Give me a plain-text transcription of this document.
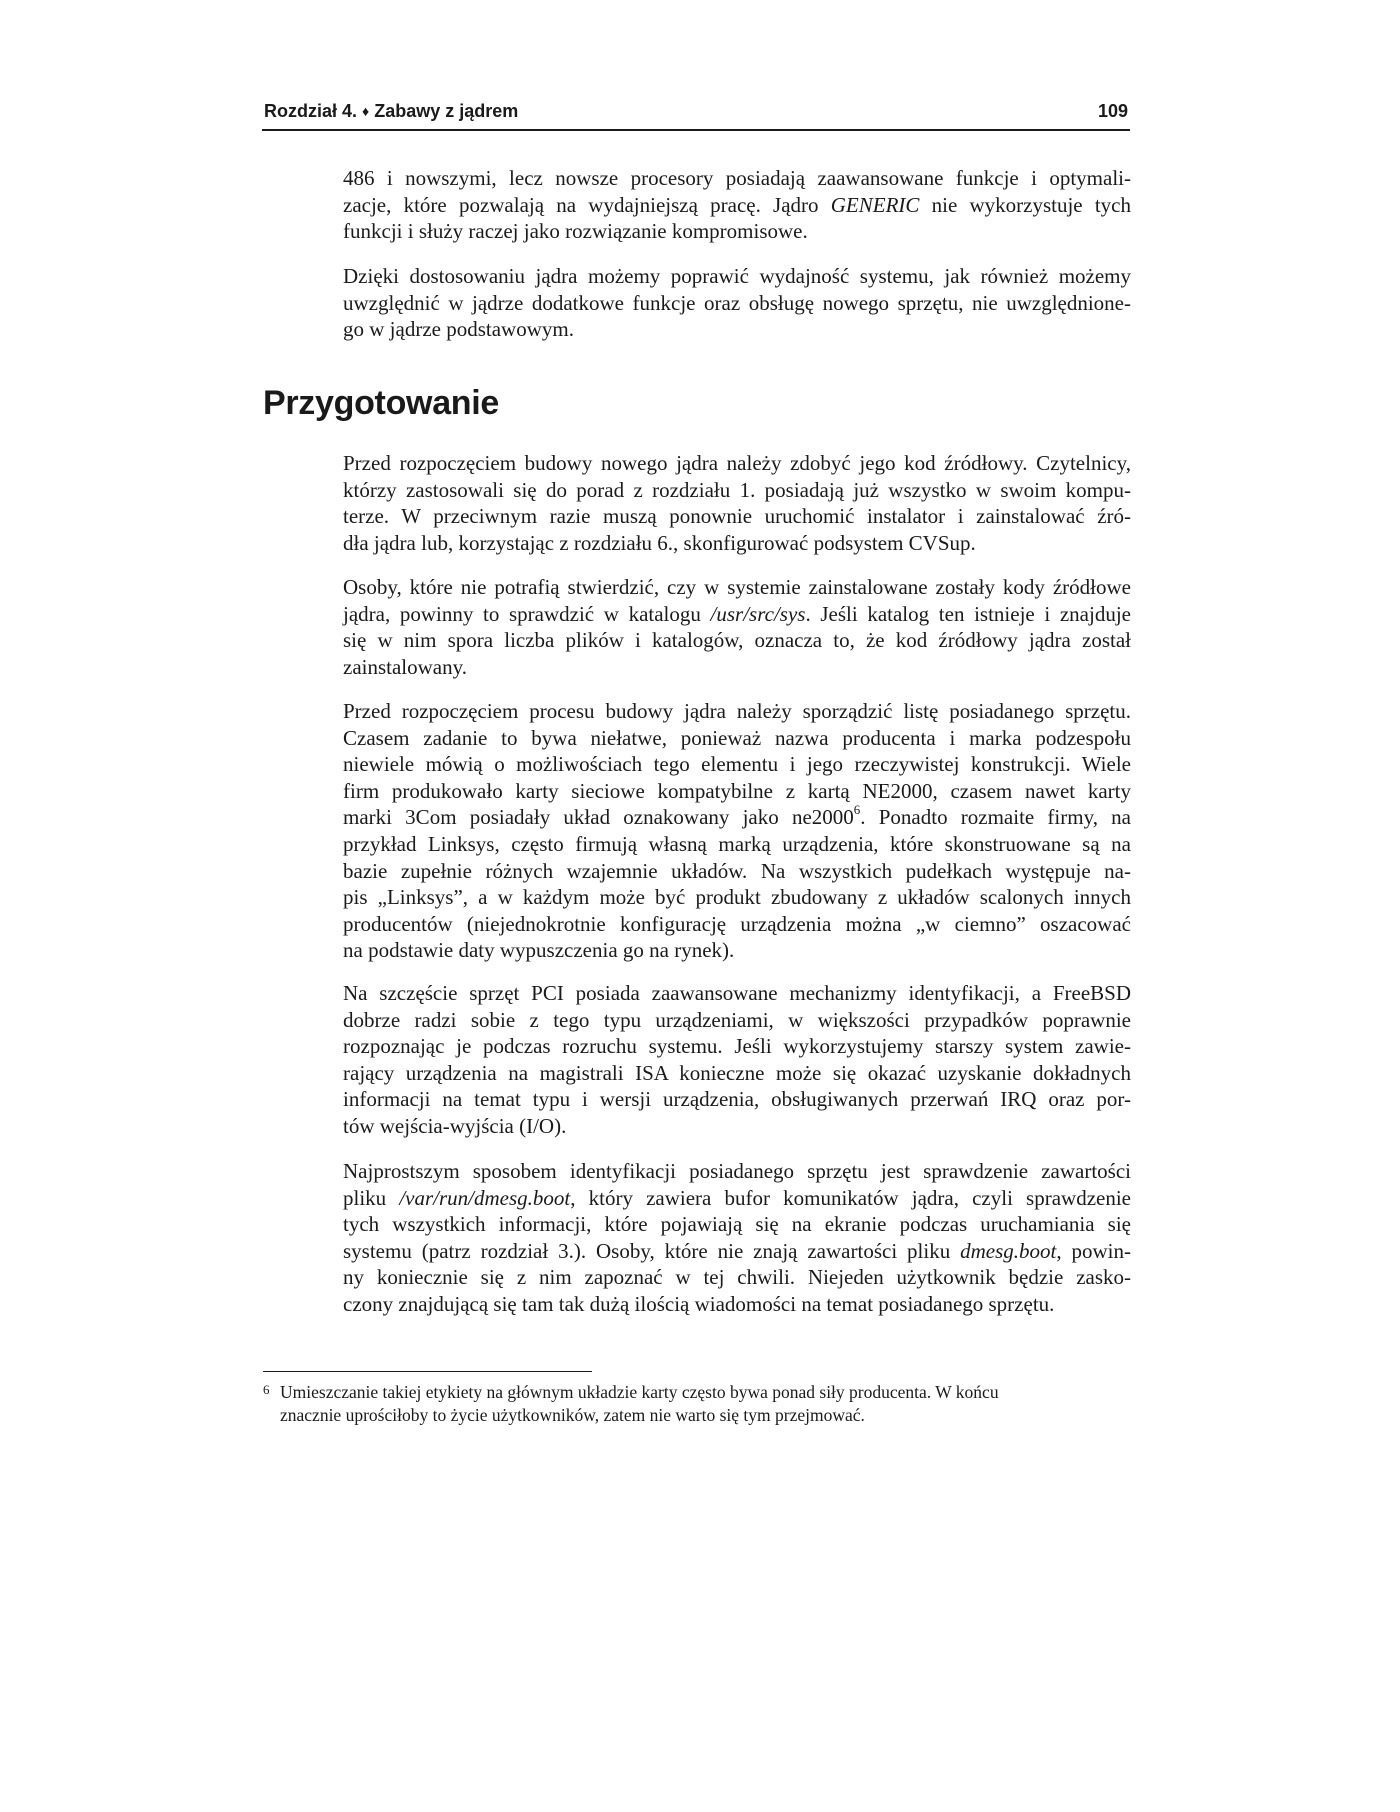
Rozdział 4. ♦ Zabawy z jądrem	109

486 i nowszymi, lecz nowsze procesory posiadają zaawansowane funkcje i optymali-
zacje, które pozwalają na wydajniejszą pracę. Jądro GENERIC nie wykorzystuje tych
funkcji i służy raczej jako rozwiązanie kompromisowe.

Dzięki dostosowaniu jądra możemy poprawić wydajność systemu, jak również możemy
uwzględnić w jądrze dodatkowe funkcje oraz obsługę nowego sprzętu, nie uwzględnione-
go w jądrze podstawowym.

Przygotowanie

Przed rozpoczęciem budowy nowego jądra należy zdobyć jego kod źródłowy. Czytelnicy,
którzy zastosowali się do porad z rozdziału 1. posiadają już wszystko w swoim kompu-
terze. W przeciwnym razie muszą ponownie uruchomić instalator i zainstalować źró-
dła jądra lub, korzystając z rozdziału 6., skonfigurować podsystem CVSup.

Osoby, które nie potrafią stwierdzić, czy w systemie zainstalowane zostały kody źródłowe
jądra, powinny to sprawdzić w katalogu /usr/src/sys. Jeśli katalog ten istnieje i znajduje
się w nim spora liczba plików i katalogów, oznacza to, że kod źródłowy jądra został
zainstalowany.

Przed rozpoczęciem procesu budowy jądra należy sporządzić listę posiadanego sprzętu.
Czasem zadanie to bywa niełatwe, ponieważ nazwa producenta i marka podzespołu
niewiele mówią o możliwościach tego elementu i jego rzeczywistej konstrukcji. Wiele
firm produkowało karty sieciowe kompatybilne z kartą NE2000, czasem nawet karty
marki 3Com posiadały układ oznakowany jako ne2000$^6$. Ponadto rozmaite firmy, na
przykład Linksys, często firmują własną marką urządzenia, które skonstruowane są na
bazie zupełnie różnych wzajemnie układów. Na wszystkich pudełkach występuje na-
pis „Linksys”, a w każdym może być produkt zbudowany z układów scalonych innych
producentów (niejednokrotnie konfigurację urządzenia można „w ciemno” oszacować
na podstawie daty wypuszczenia go na rynek).

Na szczęście sprzęt PCI posiada zaawansowane mechanizmy identyfikacji, a FreeBSD
dobrze radzi sobie z tego typu urządzeniami, w większości przypadków poprawnie
rozpoznając je podczas rozruchu systemu. Jeśli wykorzystujemy starszy system zawie-
rający urządzenia na magistrali ISA konieczne może się okazać uzyskanie dokładnych
informacji na temat typu i wersji urządzenia, obsługiwanych przerwań IRQ oraz por-
tów wejścia-wyjścia (I/O).

Najprostszym sposobem identyfikacji posiadanego sprzętu jest sprawdzenie zawartości
pliku /var/run/dmesg.boot, który zawiera bufor komunikatów jądra, czyli sprawdzenie
tych wszystkich informacji, które pojawiają się na ekranie podczas uruchamiania się
systemu (patrz rozdział 3.). Osoby, które nie znają zawartości pliku dmesg.boot, powin-
ny koniecznie się z nim zapoznać w tej chwili. Niejeden użytkownik będzie zasko-
czony znajdującą się tam tak dużą ilością wiadomości na temat posiadanego sprzętu.

6 Umieszczanie takiej etykiety na głównym układzie karty często bywa ponad siły producenta. W końcu
znacznie uprościłoby to życie użytkowników, zatem nie warto się tym przejmować.
